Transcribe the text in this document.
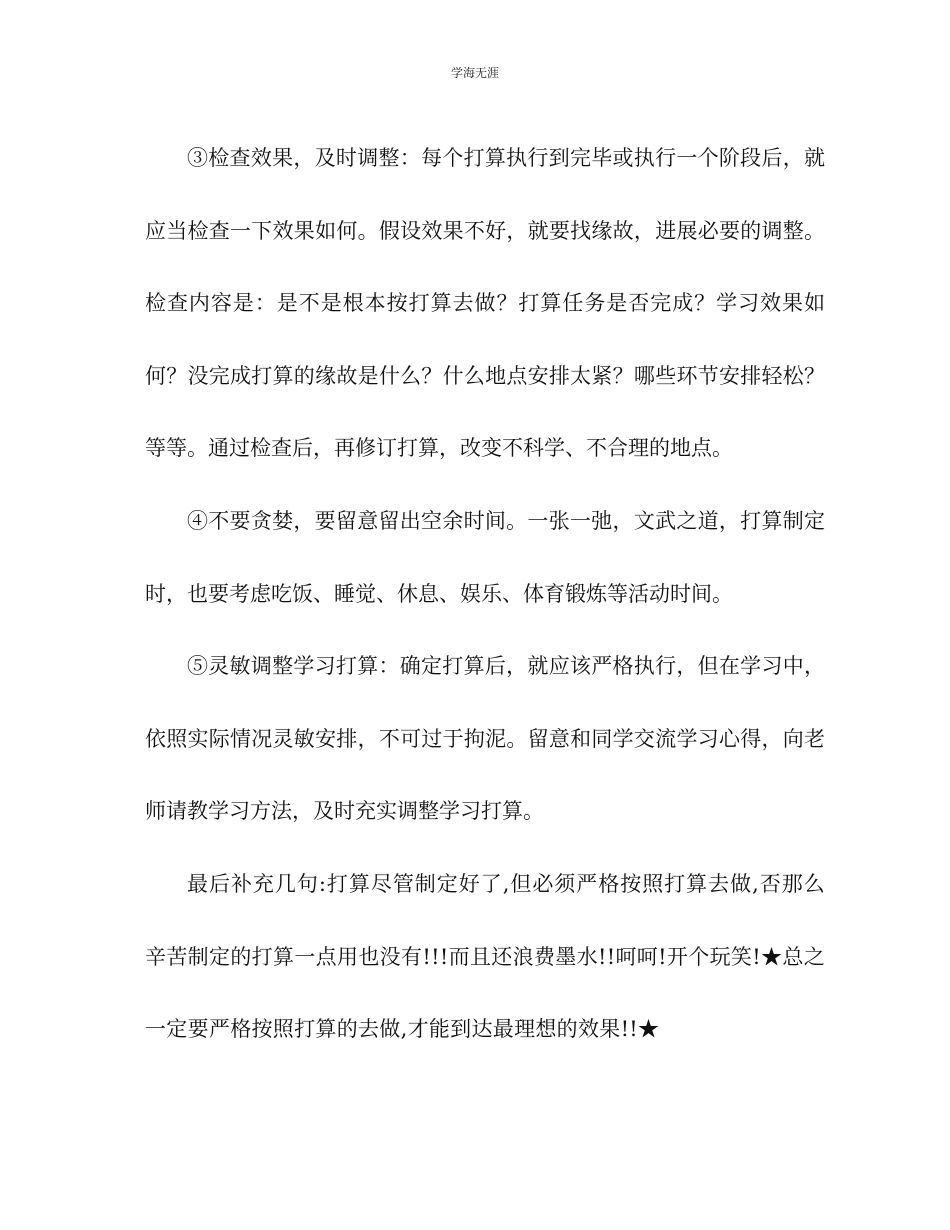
学海无涯

③检查效果，及时调整：每个打算执行到完毕或执行一个阶段后，就应当检查一下效果如何。假设效果不好，就要找缘故，进展必要的调整。检查内容是：是不是根本按打算去做？打算任务是否完成？学习效果如何？没完成打算的缘故是什么？什么地点安排太紧？哪些环节安排轻松？等等。通过检查后，再修订打算，改变不科学、不合理的地点。

④不要贪婪，要留意留出空余时间。一张一弛，文武之道，打算制定时，也要考虑吃饭、睡觉、休息、娱乐、体育锻炼等活动时间。

⑤灵敏调整学习打算：确定打算后，就应该严格执行，但在学习中，依照实际情况灵敏安排，不可过于拘泥。留意和同学交流学习心得，向老师请教学习方法，及时充实调整学习打算。

最后补充几句:打算尽管制定好了,但必须严格按照打算去做,否那么辛苦制定的打算一点用也没有!!!而且还浪费墨水!!呵呵!开个玩笑!★总之一定要严格按照打算的去做,才能到达最理想的效果!!★
